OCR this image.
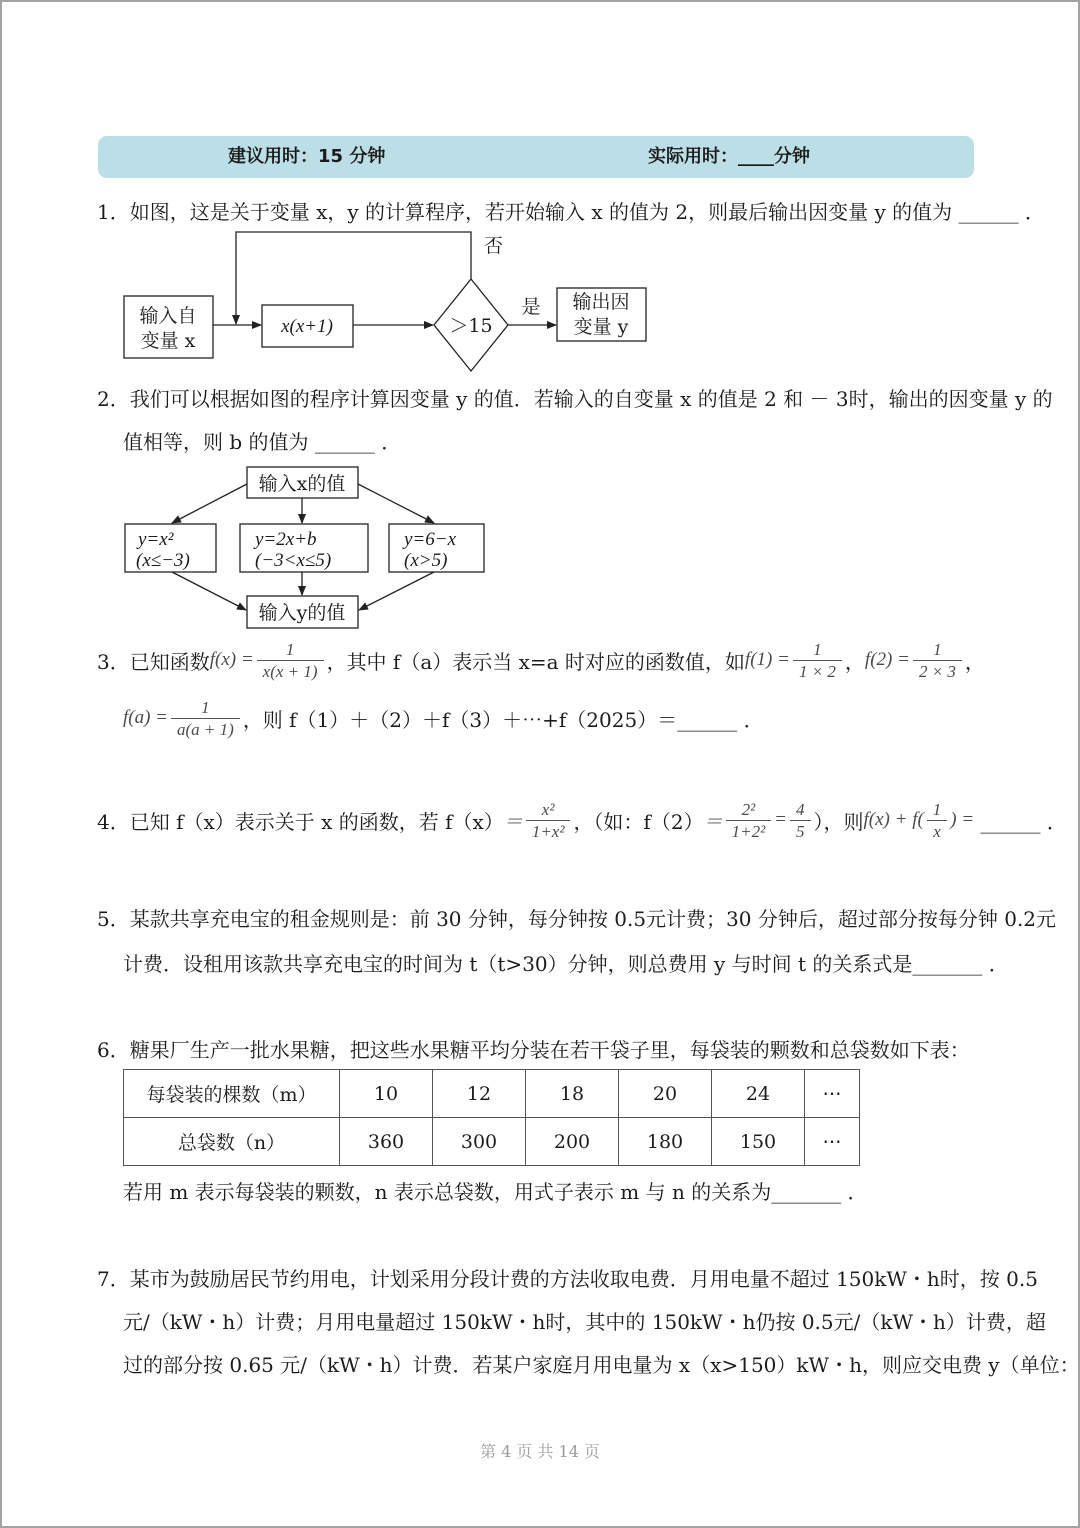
建议用时：15 分钟	实际用时：____分钟
1．如图，这是关于变量 x，y 的计算程序，若开始输入 x 的值为 2，则最后输出因变量 y 的值为 ______ ．
输入自
变量 x
x(x+1)	＞15
否
是 输出因
变量 y
2．我们可以根据如图的程序计算因变量 y 的值．若输入的自变量 x 的值是 2 和 － 3时，输出的因变量 y 的
值相等，则 b 的值为 ______ ．
输入x的值
y=x²
(x≤−3)
y=2x+b
(−3<x≤5)
y=6−x
(x>5)
输入y的值
3．已知函数 $f(x) = \frac{1}{x(x + 1)}$ ，其中 f（a）表示当 x=a 时对应的函数值，如 $f(1) = \frac{1}{1 \times 2}$ ， $f(2) = \frac{1}{2 \times 3}$ ，
$f(a) = \frac{1}{a(a + 1)}$ ，则 f（1）＋（2）＋f（3）＋⋯+f（2025）＝______ ．
4．已知 f（x）表示关于 x 的函数，若 $f(x) = \frac{\text{x²}}{\text{1+x²}}$ ，（如：$f(2) = \frac{\text{2²}}{\text{1+2²}} = \frac{4}{5}$ ），则 $f(x) + f( \frac{1}{x}$ ) = ______ ．
5．某款共享充电宝的租金规则是：前 30 分钟，每分钟按 0.5元计费；30 分钟后，超过部分按每分钟 0.2元
计费．设租用该款共享充电宝的时间为 t（t>30）分钟，则总费用 y 与时间 t 的关系式是_______ ．
6．糖果厂生产一批水果糖，把这些水果糖平均分装在若干袋子里，每袋装的颗数和总袋数如下表：
每袋装的棵数（m）	10	12	18	20	24	⋯
总袋数（n）	360	300	200	180	150	⋯
若用 m 表示每袋装的颗数，n 表示总袋数，用式子表示 m 与 n 的关系为_______ ．
7．某市为鼓励居民节约用电，计划采用分段计费的方法收取电费．月用电量不超过 150kW・h时，按 0.5
元/（kW・h）计费；月用电量超过 150kW・h时，其中的 150kW・h仍按 0.5元/（kW・h）计费，超
过的部分按 0.65 元/（kW・h）计费．若某户家庭月用电量为 x（x>150）kW・h，则应交电费 y（单位：
第 4 页 共 14 页
